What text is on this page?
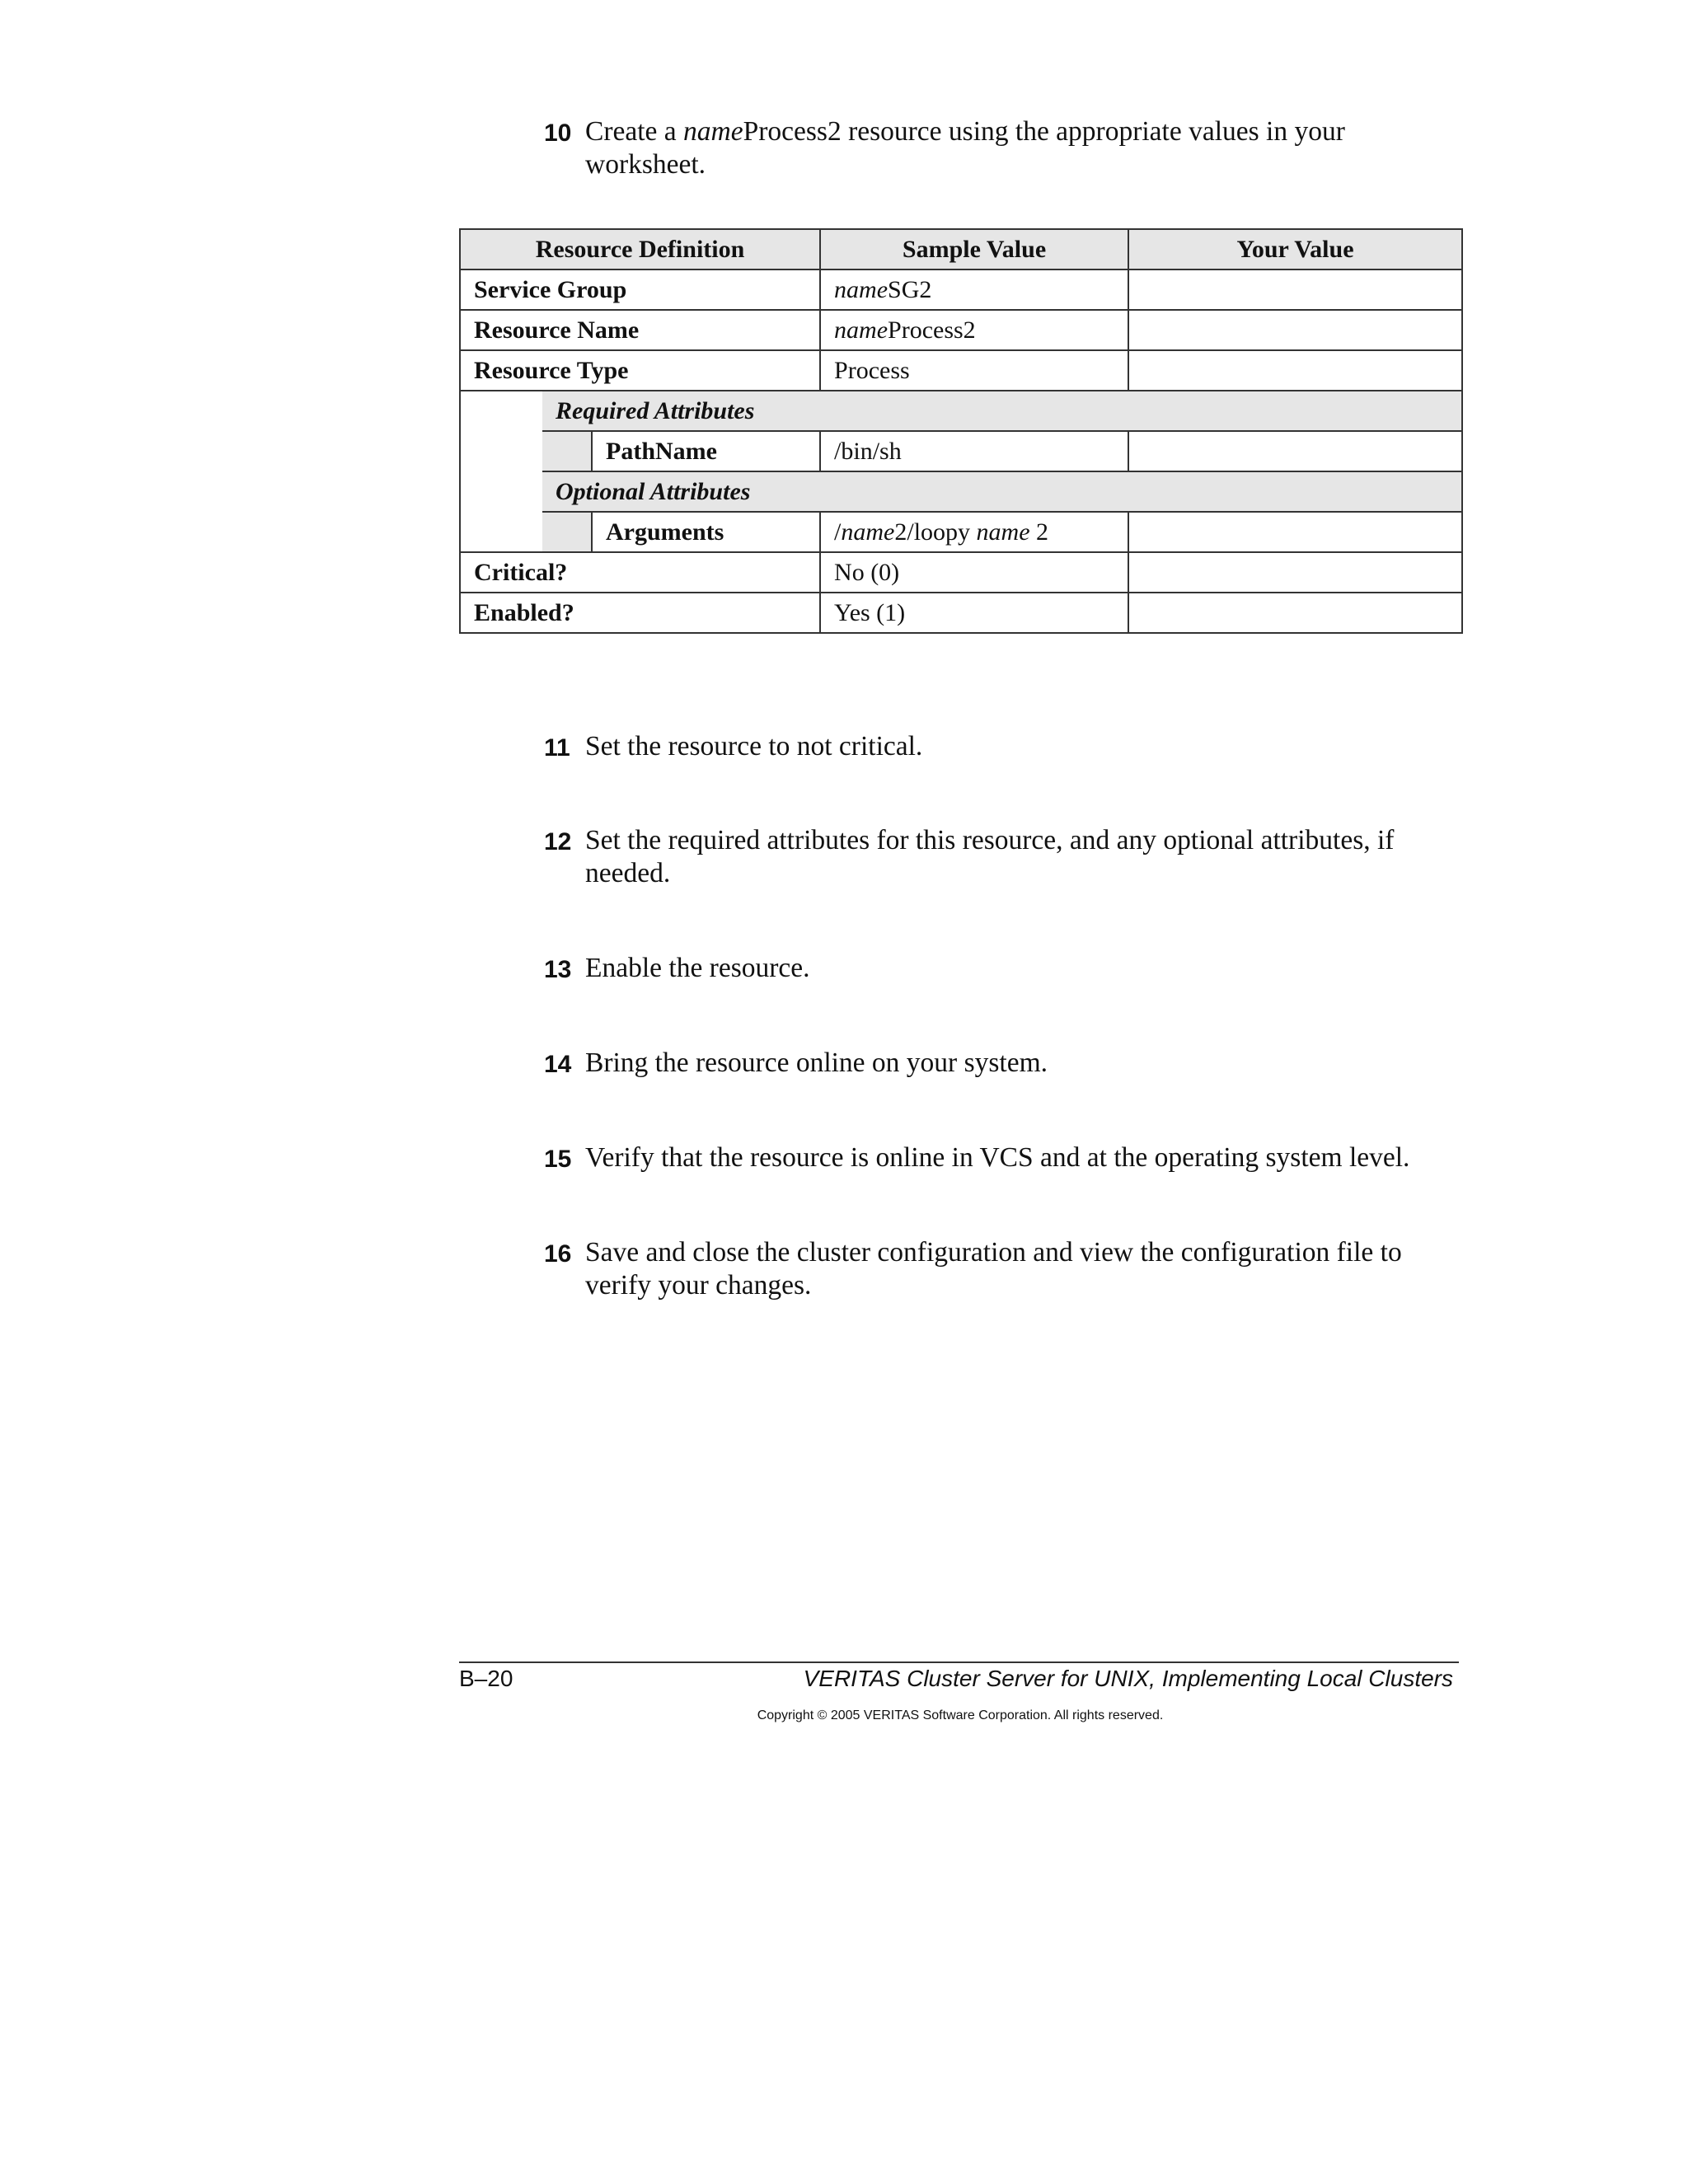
10 Create a nameProcess2 resource using the appropriate values in your worksheet.
Resource Definition			Sample Value	Your Value
Service Group			nameSG2	
Resource Name			nameProcess2	
Resource Type			Process	
	Required Attributes			
		PathName	/bin/sh	
	Optional Attributes			
		Arguments	/name2/loopy name 2	
Critical?			No (0)	
Enabled?			Yes (1)	
11 Set the resource to not critical.
12 Set the required attributes for this resource, and any optional attributes, if needed.
13 Enable the resource.
14 Bring the resource online on your system.
15 Verify that the resource is online in VCS and at the operating system level.
16 Save and close the cluster configuration and view the configuration file to verify your changes.
B–20	VERITAS Cluster Server for UNIX, Implementing Local Clusters
Copyright © 2005 VERITAS Software Corporation. All rights reserved.
